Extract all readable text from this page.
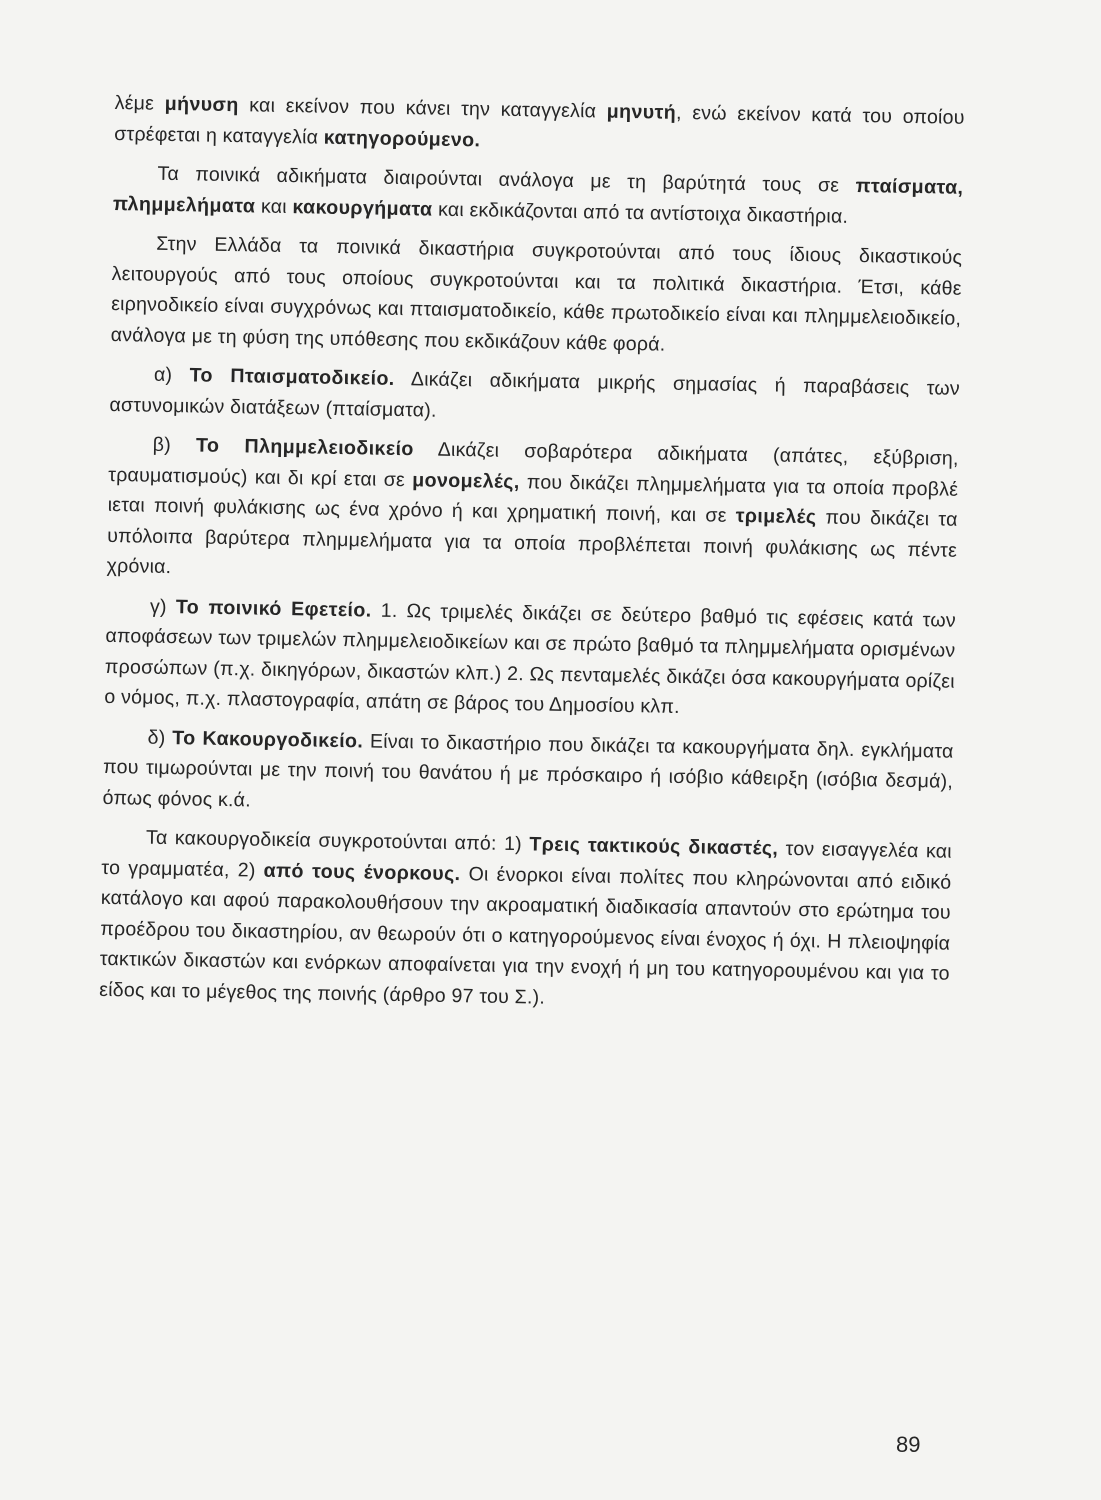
λέμε μήνυση και εκείνον που κάνει την καταγγελία μηνυτή, ενώ εκείνον κατά του οποίου στρέφεται η καταγγελία κατηγορούμενο.

Τα ποινικά αδικήματα διαιρούνται ανάλογα με τη βαρύτητά τους σε πταίσματα, πλημμελήματα και κακουργήματα και εκδικάζονται από τα αντίστοιχα δικαστήρια.

Στην Ελλάδα τα ποινικά δικαστήρια συγκροτούνται από τους ίδιους δικαστικούς λειτουργούς από τους οποίους συγκροτούνται και τα πολιτικά δικαστήρια. Έτσι, κάθε ειρηνοδικείο είναι συγχρόνως και πταισματοδικείο, κάθε πρωτοδικείο είναι και πλημμελειοδικείο, ανάλογα με τη φύση της υπόθεσης που εκδικάζουν κάθε φορά.

α) Το Πταισματοδικείο. Δικάζει αδικήματα μικρής σημασίας ή παραβάσεις των αστυνομικών διατάξεων (πταίσματα).

β) Το Πλημμελειοδικείο Δικάζει σοβαρότερα αδικήματα (απάτες, εξύβριση, τραυματισμούς) και δι κρί εται σε μονομελές, που δικάζει πλημμελήματα για τα οποία προβλέ ιεται ποινή φυλάκισης ως ένα χρόνο ή και χρηματική ποινή, και σε τριμελές που δικάζει τα υπόλοιπα βαρύτερα πλημμελήματα για τα οποία προβλέπεται ποινή φυλάκισης ως πέντε χρόνια.

γ) Το ποινικό Εφετείο. 1. Ως τριμελές δικάζει σε δεύτερο βαθμό τις εφέσεις κατά των αποφάσεων των τριμελών πλημμελειοδικείων και σε πρώτο βαθμό τα πλημμελήματα ορισμένων προσώπων (π.χ. δικηγόρων, δικαστών κλπ.) 2. Ως πενταμελές δικάζει όσα κακουργήματα ορίζει ο νόμος, π.χ. πλαστογραφία, απάτη σε βάρος του Δημοσίου κλπ.

δ) Το Κακουργοδικείο. Είναι το δικαστήριο που δικάζει τα κακουργήματα δηλ. εγκλήματα που τιμωρούνται με την ποινή του θανάτου ή με πρόσκαιρο ή ισόβιο κάθειρξη (ισόβια δεσμά), όπως φόνος κ.ά.

Τα κακουργοδικεία συγκροτούνται από: 1) Τρεις τακτικούς δικαστές, τον εισαγγελέα και το γραμματέα, 2) από τους ένορκους. Οι ένορκοι είναι πολίτες που κληρώνονται από ειδικό κατάλογο και αφού παρακολουθήσουν την ακροαματική διαδικασία απαντούν στο ερώτημα του προέδρου του δικαστηρίου, αν θεωρούν ότι ο κατηγορούμενος είναι ένοχος ή όχι. Η πλειοψηφία τακτικών δικαστών και ενόρκων αποφαίνεται για την ενοχή ή μη του κατηγορουμένου και για το είδος και το μέγεθος της ποινής (άρθρο 97 του Σ.).

89
